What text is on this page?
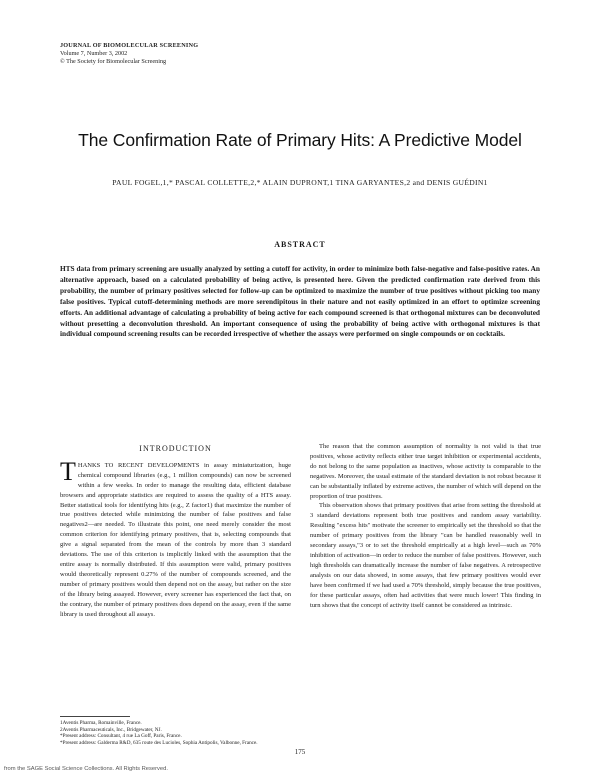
JOURNAL OF BIOMOLECULAR SCREENING
Volume 7, Number 3, 2002
© The Society for Biomolecular Screening
The Confirmation Rate of Primary Hits: A Predictive Model
PAUL FOGEL,1,* PASCAL COLLETTE,2,* ALAIN DUPRONT,1 TINA GARYANTES,2 and DENIS GUÉDIN1
ABSTRACT

HTS data from primary screening are usually analyzed by setting a cutoff for activity, in order to minimize both false-negative and false-positive rates. An alternative approach, based on a calculated probability of being active, is presented here. Given the predicted confirmation rate derived from this probability, the number of primary positives selected for follow-up can be optimized to maximize the number of true positives without picking too many false positives. Typical cutoff-determining methods are more serendipitous in their nature and not easily optimized in an effort to optimize screening efforts. An additional advantage of calculating a probability of being active for each compound screened is that orthogonal mixtures can be deconvoluted without presetting a deconvolution threshold. An important consequence of using the probability of being active with orthogonal mixtures is that individual compound screening results can be recorded irrespective of whether the assays were performed on single compounds or on cocktails.

INTRODUCTION

THANKS TO RECENT DEVELOPMENTS in assay miniaturization, huge chemical compound libraries (e.g., 1 million compounds) can now be screened within a few weeks. In order to manage the resulting data, efficient database browsers and appropriate statistics are required to assess the quality of a HTS assay. Better statistical tools for identifying hits (e.g., Z factor1) that maximize the number of true positives detected while minimizing the number of false positives and false negatives2—are needed. To illustrate this point, one need merely consider the most common criterion for identifying primary positives, that is, selecting compounds that give a signal separated from the mean of the controls by more than 3 standard deviations. The use of this criterion is implicitly linked with the assumption that the entire assay is normally distributed. If this assumption were valid, primary positives would theoretically represent 0.27% of the number of compounds screened, and the number of primary positives would then depend not on the assay, but rather on the size of the library being assayed. However, every screener has experienced the fact that, on the contrary, the number of primary positives does depend on the assay, even if the same library is used throughout all assays.

The reason that the common assumption of normality is not valid is that true positives, whose activity reflects either true target inhibition or experimental accidents, do not belong to the same population as inactives, whose activity is comparable to the negatives. Moreover, the usual estimate of the standard deviation is not robust because it can be substantially inflated by extreme actives, the number of which will depend on the proportion of true positives.

This observation shows that primary positives that arise from setting the threshold at 3 standard deviations represent both true positives and random assay variability. Resulting "excess hits" motivate the screener to empirically set the threshold so that the number of primary positives from the library "can be handled reasonably well in secondary assays,"3 or to set the threshold empirically at a high level—such as 70% inhibition of activation—in order to reduce the number of false positives. However, such high thresholds can dramatically increase the number of false negatives. A retrospective analysis on our data showed, in some assays, that few primary positives would ever have been confirmed if we had used a 70% threshold, simply because the true positives, for these particular assays, often had activities that were much lower! This finding in turn shows that the concept of activity itself cannot be considered as intrinsic.

1Aventis Pharma, Romainville, France.
2Aventis Pharmaceuticals, Inc., Bridgewater, NJ.
*Present address: Consultant, 4 rue La Goff, Paris, France.
*Present address: Galderma R&D, 635 route des Lucioles, Sophia Antipolis, Valbonne, France.
175
from the SAGE Social Science Collections. All Rights Reserved.
